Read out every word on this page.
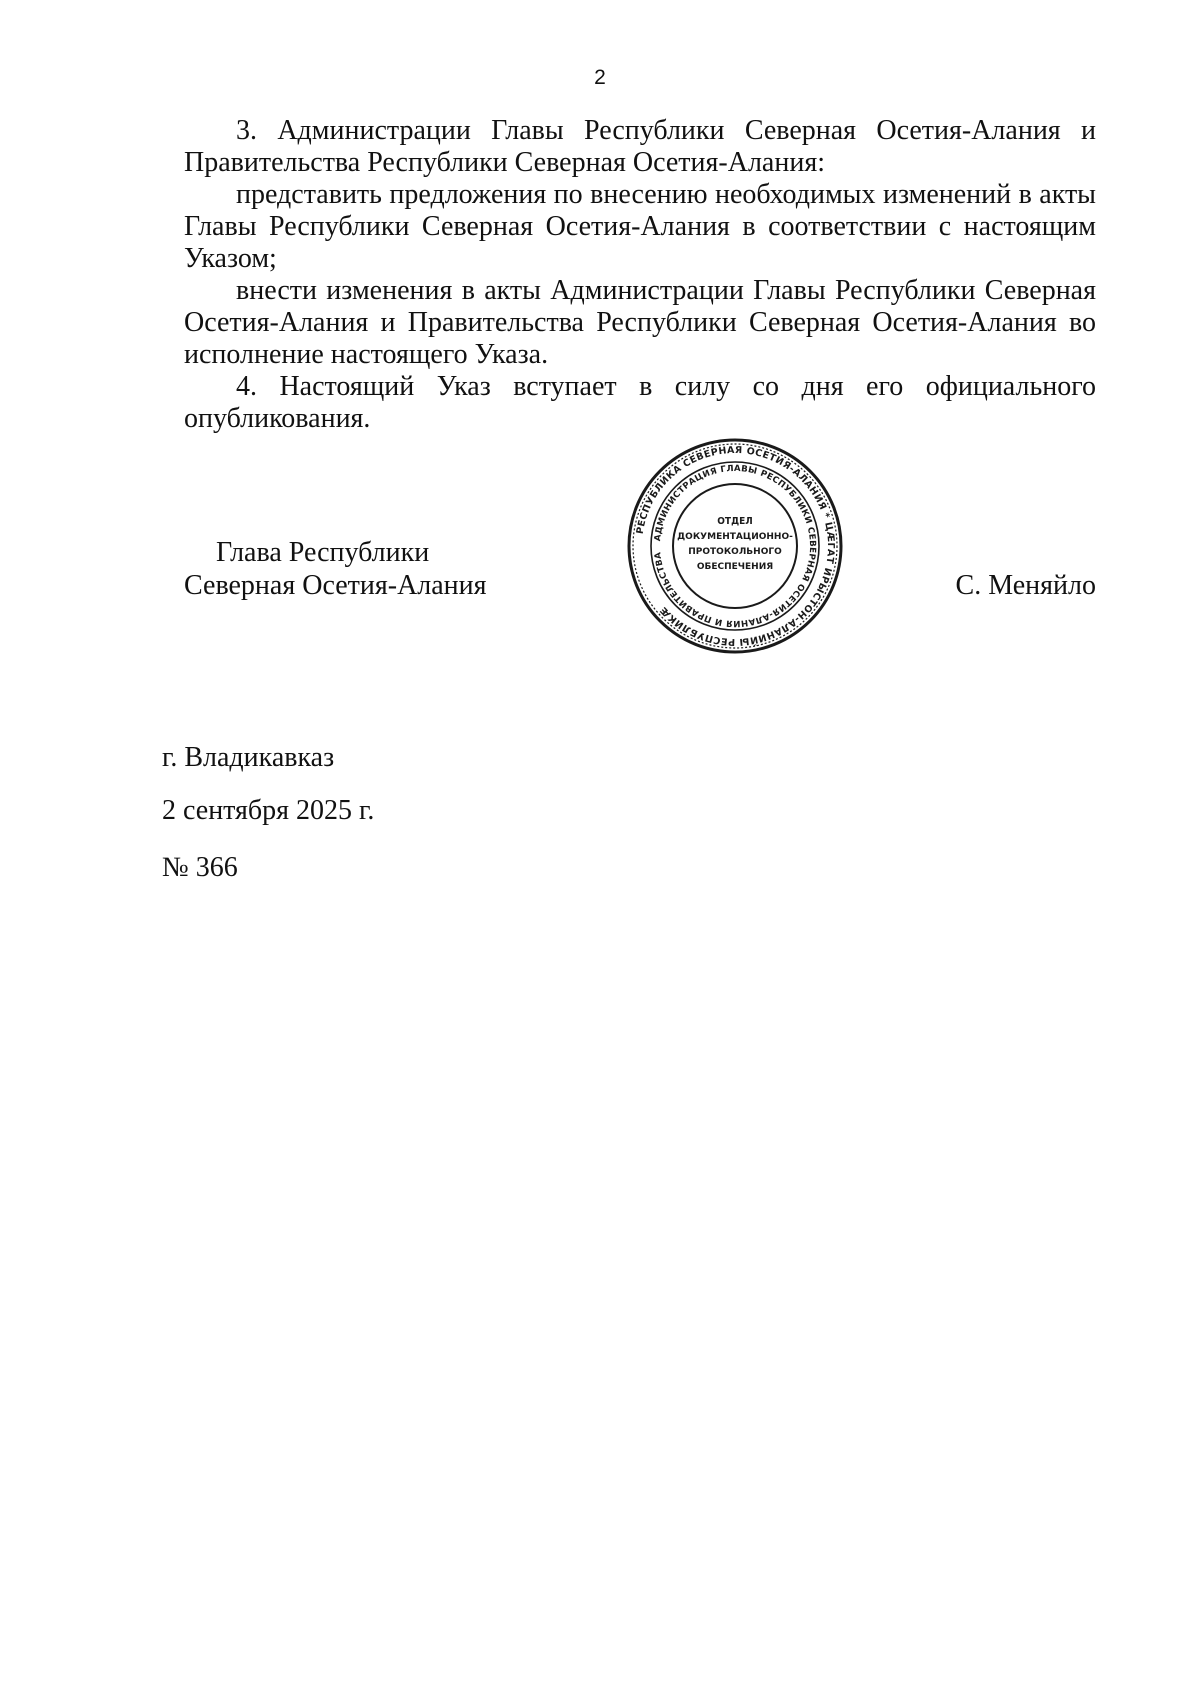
2

3. Администрации Главы Республики Северная Осетия-Алания и Правительства Республики Северная Осетия-Алания:

представить предложения по внесению необходимых изменений в акты Главы Республики Северная Осетия-Алания в соответствии с настоящим Указом;

внести изменения в акты Администрации Главы Республики Северная Осетия-Алания и Правительства Республики Северная Осетия-Алания во исполнение настоящего Указа.

4. Настоящий Указ вступает в силу со дня его официального опубликования.

Глава Республики
Северная Осетия-Алания	С. Меняйло
РЕСПУБЛИКА СЕВЕРНАЯ ОСЕТИЯ-АЛАНИЯ * ЦÆГАТ ИРЫСТОН-АЛАНИЙЫ РЕСПУБЛИКÆ
АДМИНИСТРАЦИЯ ГЛАВЫ РЕСПУБЛИКИ СЕВЕРНАЯ ОСЕТИЯ-АЛАНИЯ И ПРАВИТЕЛЬСТВА
ОТДЕЛ
ДОКУМЕНТАЦИОННО-
ПРОТОКОЛЬНОГО
ОБЕСПЕЧЕНИЯ
г. Владикавказ
2 сентября 2025 г.
№ 366
